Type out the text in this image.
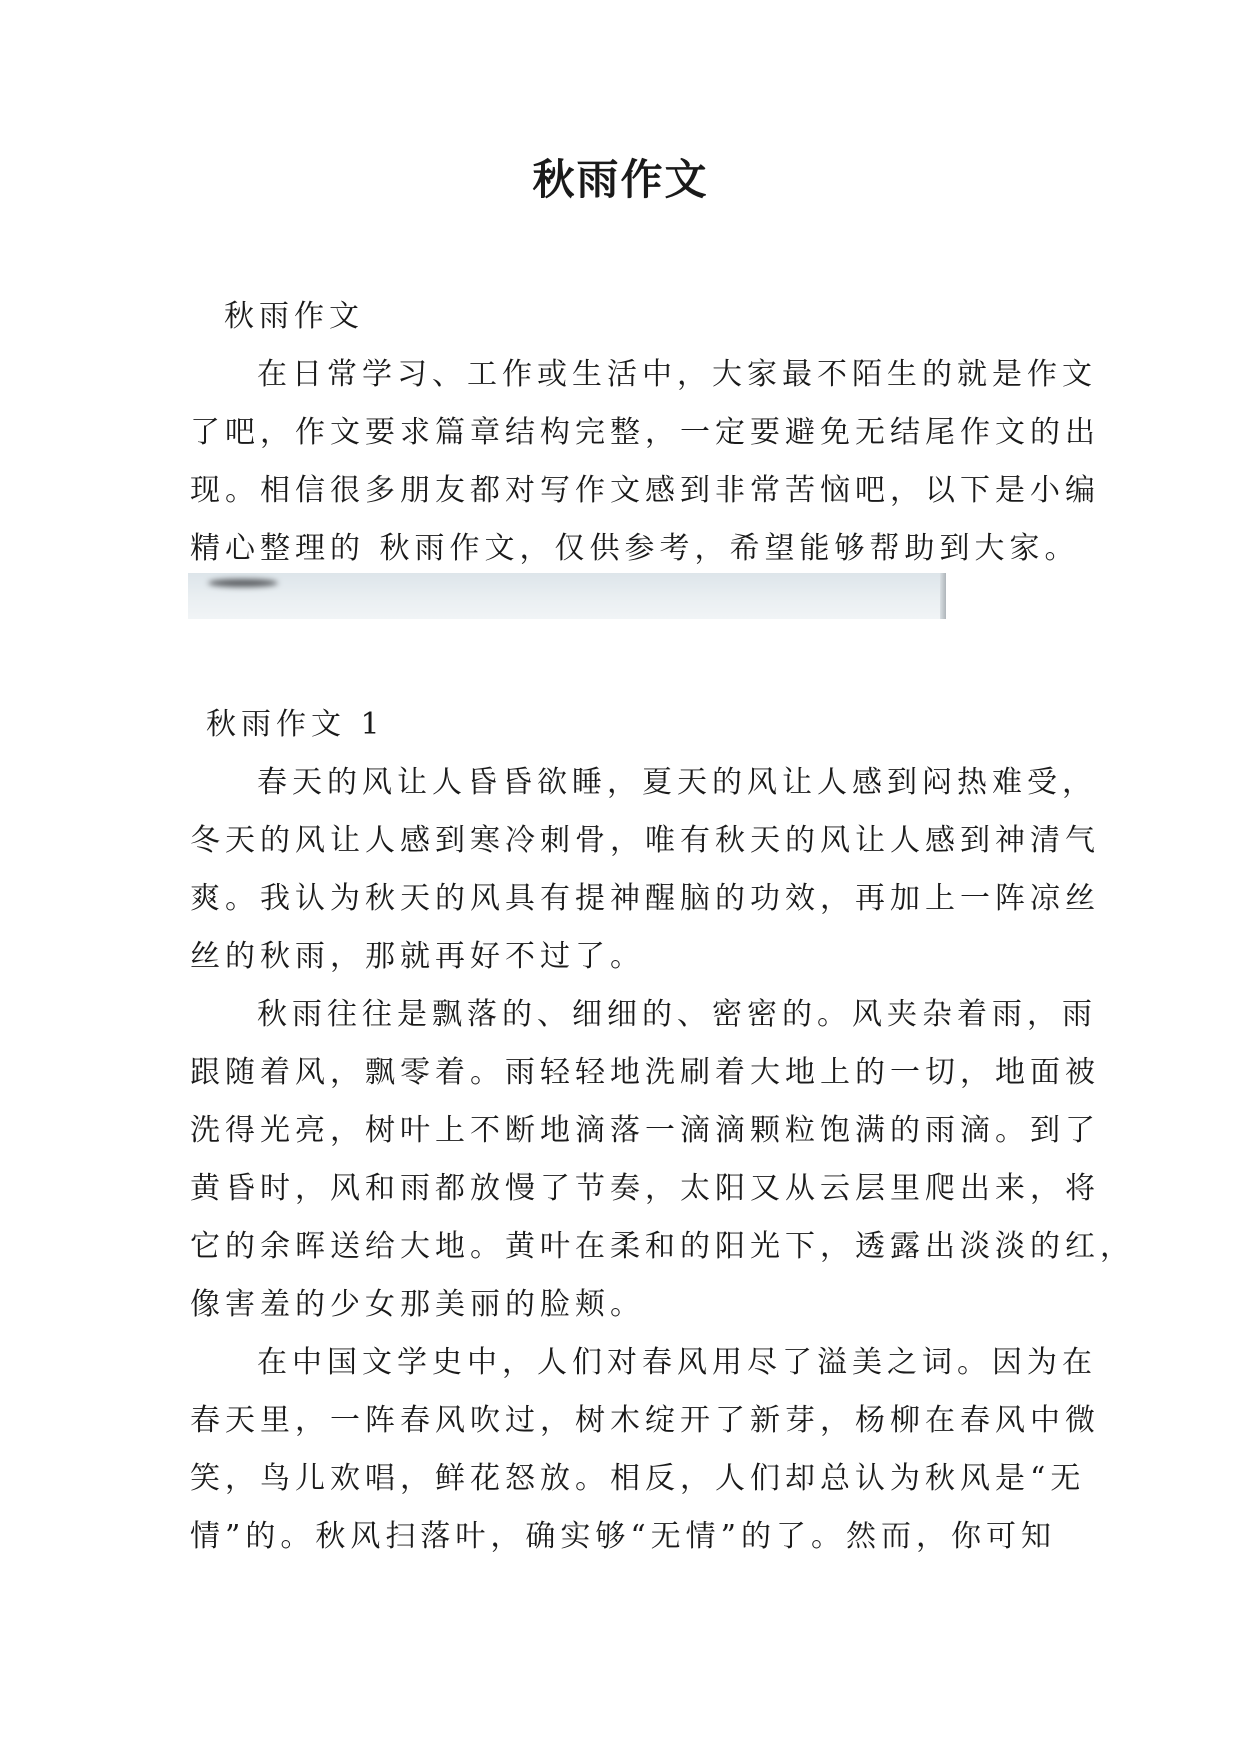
秋雨作文
秋雨作文
在日常学习、工作或生活中，大家最不陌生的就是作文
了吧，作文要求篇章结构完整，一定要避免无结尾作文的出
现。相信很多朋友都对写作文感到非常苦恼吧，以下是小编
精心整理的 秋雨作文，仅供参考，希望能够帮助到大家。
秋雨作文 1
春天的风让人昏昏欲睡，夏天的风让人感到闷热难受，
冬天的风让人感到寒冷刺骨，唯有秋天的风让人感到神清气
爽。我认为秋天的风具有提神醒脑的功效，再加上一阵凉丝
丝的秋雨，那就再好不过了。
秋雨往往是飘落的、细细的、密密的。风夹杂着雨，雨
跟随着风，飘零着。雨轻轻地洗刷着大地上的一切，地面被
洗得光亮，树叶上不断地滴落一滴滴颗粒饱满的雨滴。到了
黄昏时，风和雨都放慢了节奏，太阳又从云层里爬出来，将
它的余晖送给大地。黄叶在柔和的阳光下，透露出淡淡的红，
像害羞的少女那美丽的脸颊。
在中国文学史中，人们对春风用尽了溢美之词。因为在
春天里，一阵春风吹过，树木绽开了新芽，杨柳在春风中微
笑，鸟儿欢唱，鲜花怒放。相反，人们却总认为秋风是“无
情”的。秋风扫落叶，确实够“无情”的了。然而，你可知
